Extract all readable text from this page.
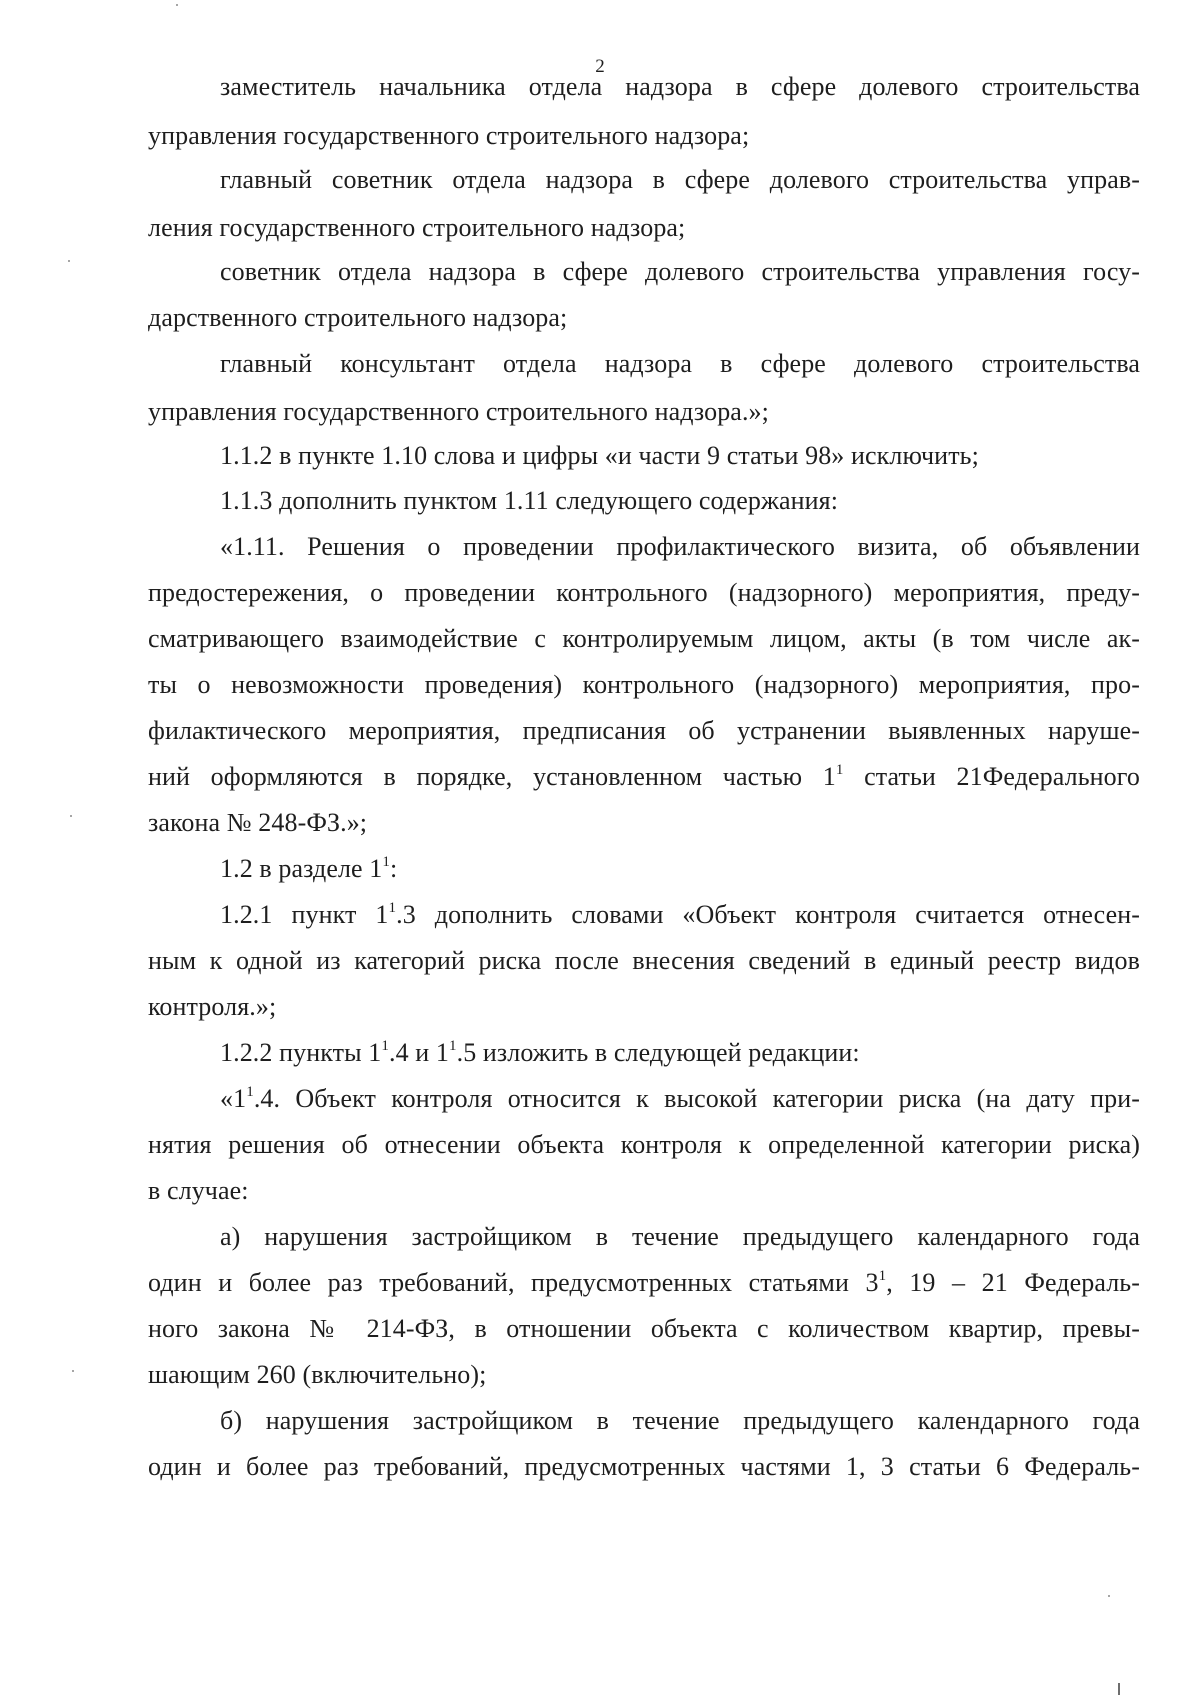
2
заместитель начальника отдела надзора в сфере долевого строительства
управления государственного строительного надзора;
главный советник отдела надзора в сфере долевого строительства управ-
ления государственного строительного надзора;
советник отдела надзора в сфере долевого строительства управления госу-
дарственного строительного надзора;
главный консультант отдела надзора в сфере долевого строительства
управления государственного строительного надзора.»;
1.1.2 в пункте 1.10 слова и цифры «и части 9 статьи 98» исключить;
1.1.3 дополнить пунктом 1.11 следующего содержания:
«1.11. Решения о проведении профилактического визита, об объявлении
предостережения, о проведении контрольного (надзорного) мероприятия, преду-
сматривающего взаимодействие с контролируемым лицом, акты (в том числе ак-
ты о невозможности проведения) контрольного (надзорного) мероприятия, про-
филактического мероприятия, предписания об устранении выявленных наруше-
ний оформляются в порядке, установленном частью $1^1$ статьи 21Федерального
закона № 248-ФЗ.»;
1.2 в разделе $1^1$:
1.2.1 пункт $1^1.3$ дополнить словами «Объект контроля считается отнесен-
ным к одной из категорий риска после внесения сведений в единый реестр видов
контроля.»;
1.2.2 пункты $1^1.4$ и $1^1.5$ изложить в следующей редакции:
«$1^1.4$. Объект контроля относится к высокой категории риска (на дату при-
нятия решения об отнесении объекта контроля к определенной категории риска)
в случае:
а) нарушения застройщиком в течение предыдущего календарного года
один и более раз требований, предусмотренных статьями $3^1$, 19 – 21 Федераль-
ного закона № 214-ФЗ, в отношении объекта с количеством квартир, превы-
шающим 260 (включительно);
б) нарушения застройщиком в течение предыдущего календарного года
один и более раз требований, предусмотренных частями 1, 3 статьи 6 Федераль-
